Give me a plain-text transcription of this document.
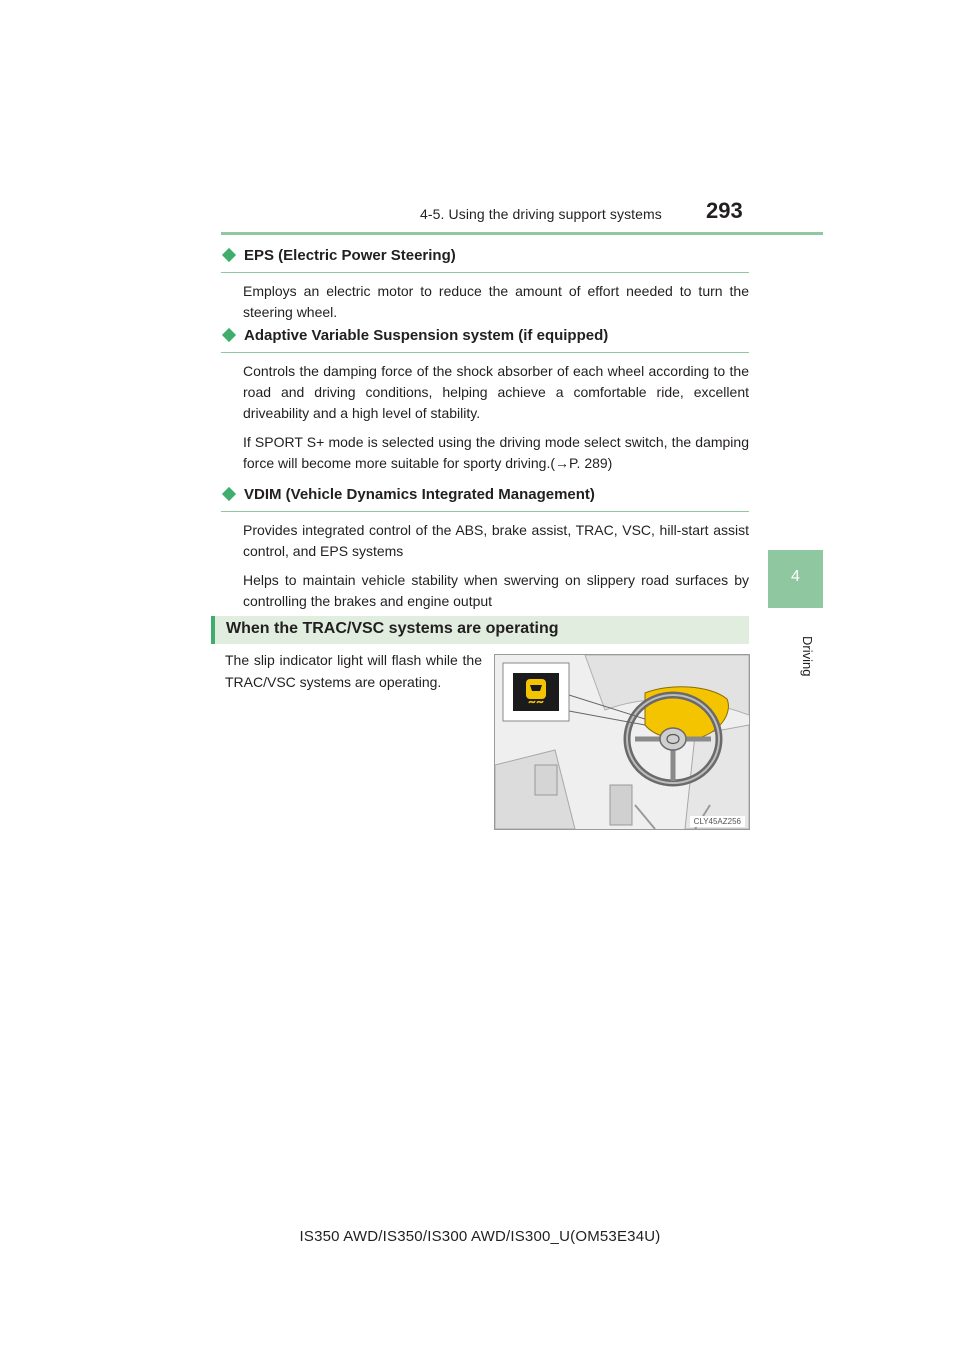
4-5. Using the driving support systems 293
4
Driving
EPS (Electric Power Steering)

Employs an electric motor to reduce the amount of effort needed to turn the steering wheel.

Adaptive Variable Suspension system (if equipped)

Controls the damping force of the shock absorber of each wheel according to the road and driving conditions, helping achieve a comfortable ride, excellent driveability and a high level of stability.

If SPORT S+ mode is selected using the driving mode select switch, the damping force will become more suitable for sporty driving.(→P. 289)

VDIM (Vehicle Dynamics Integrated Management)

Provides integrated control of the ABS, brake assist, TRAC, VSC, hill-start assist control, and EPS systems

Helps to maintain vehicle stability when swerving on slippery road surfaces by controlling the brakes and engine output

When the TRAC/VSC systems are operating
The slip indicator light will flash while the TRAC/VSC systems are operating.
CLY45AZ256
IS350 AWD/IS350/IS300 AWD/IS300_U(OM53E34U)
